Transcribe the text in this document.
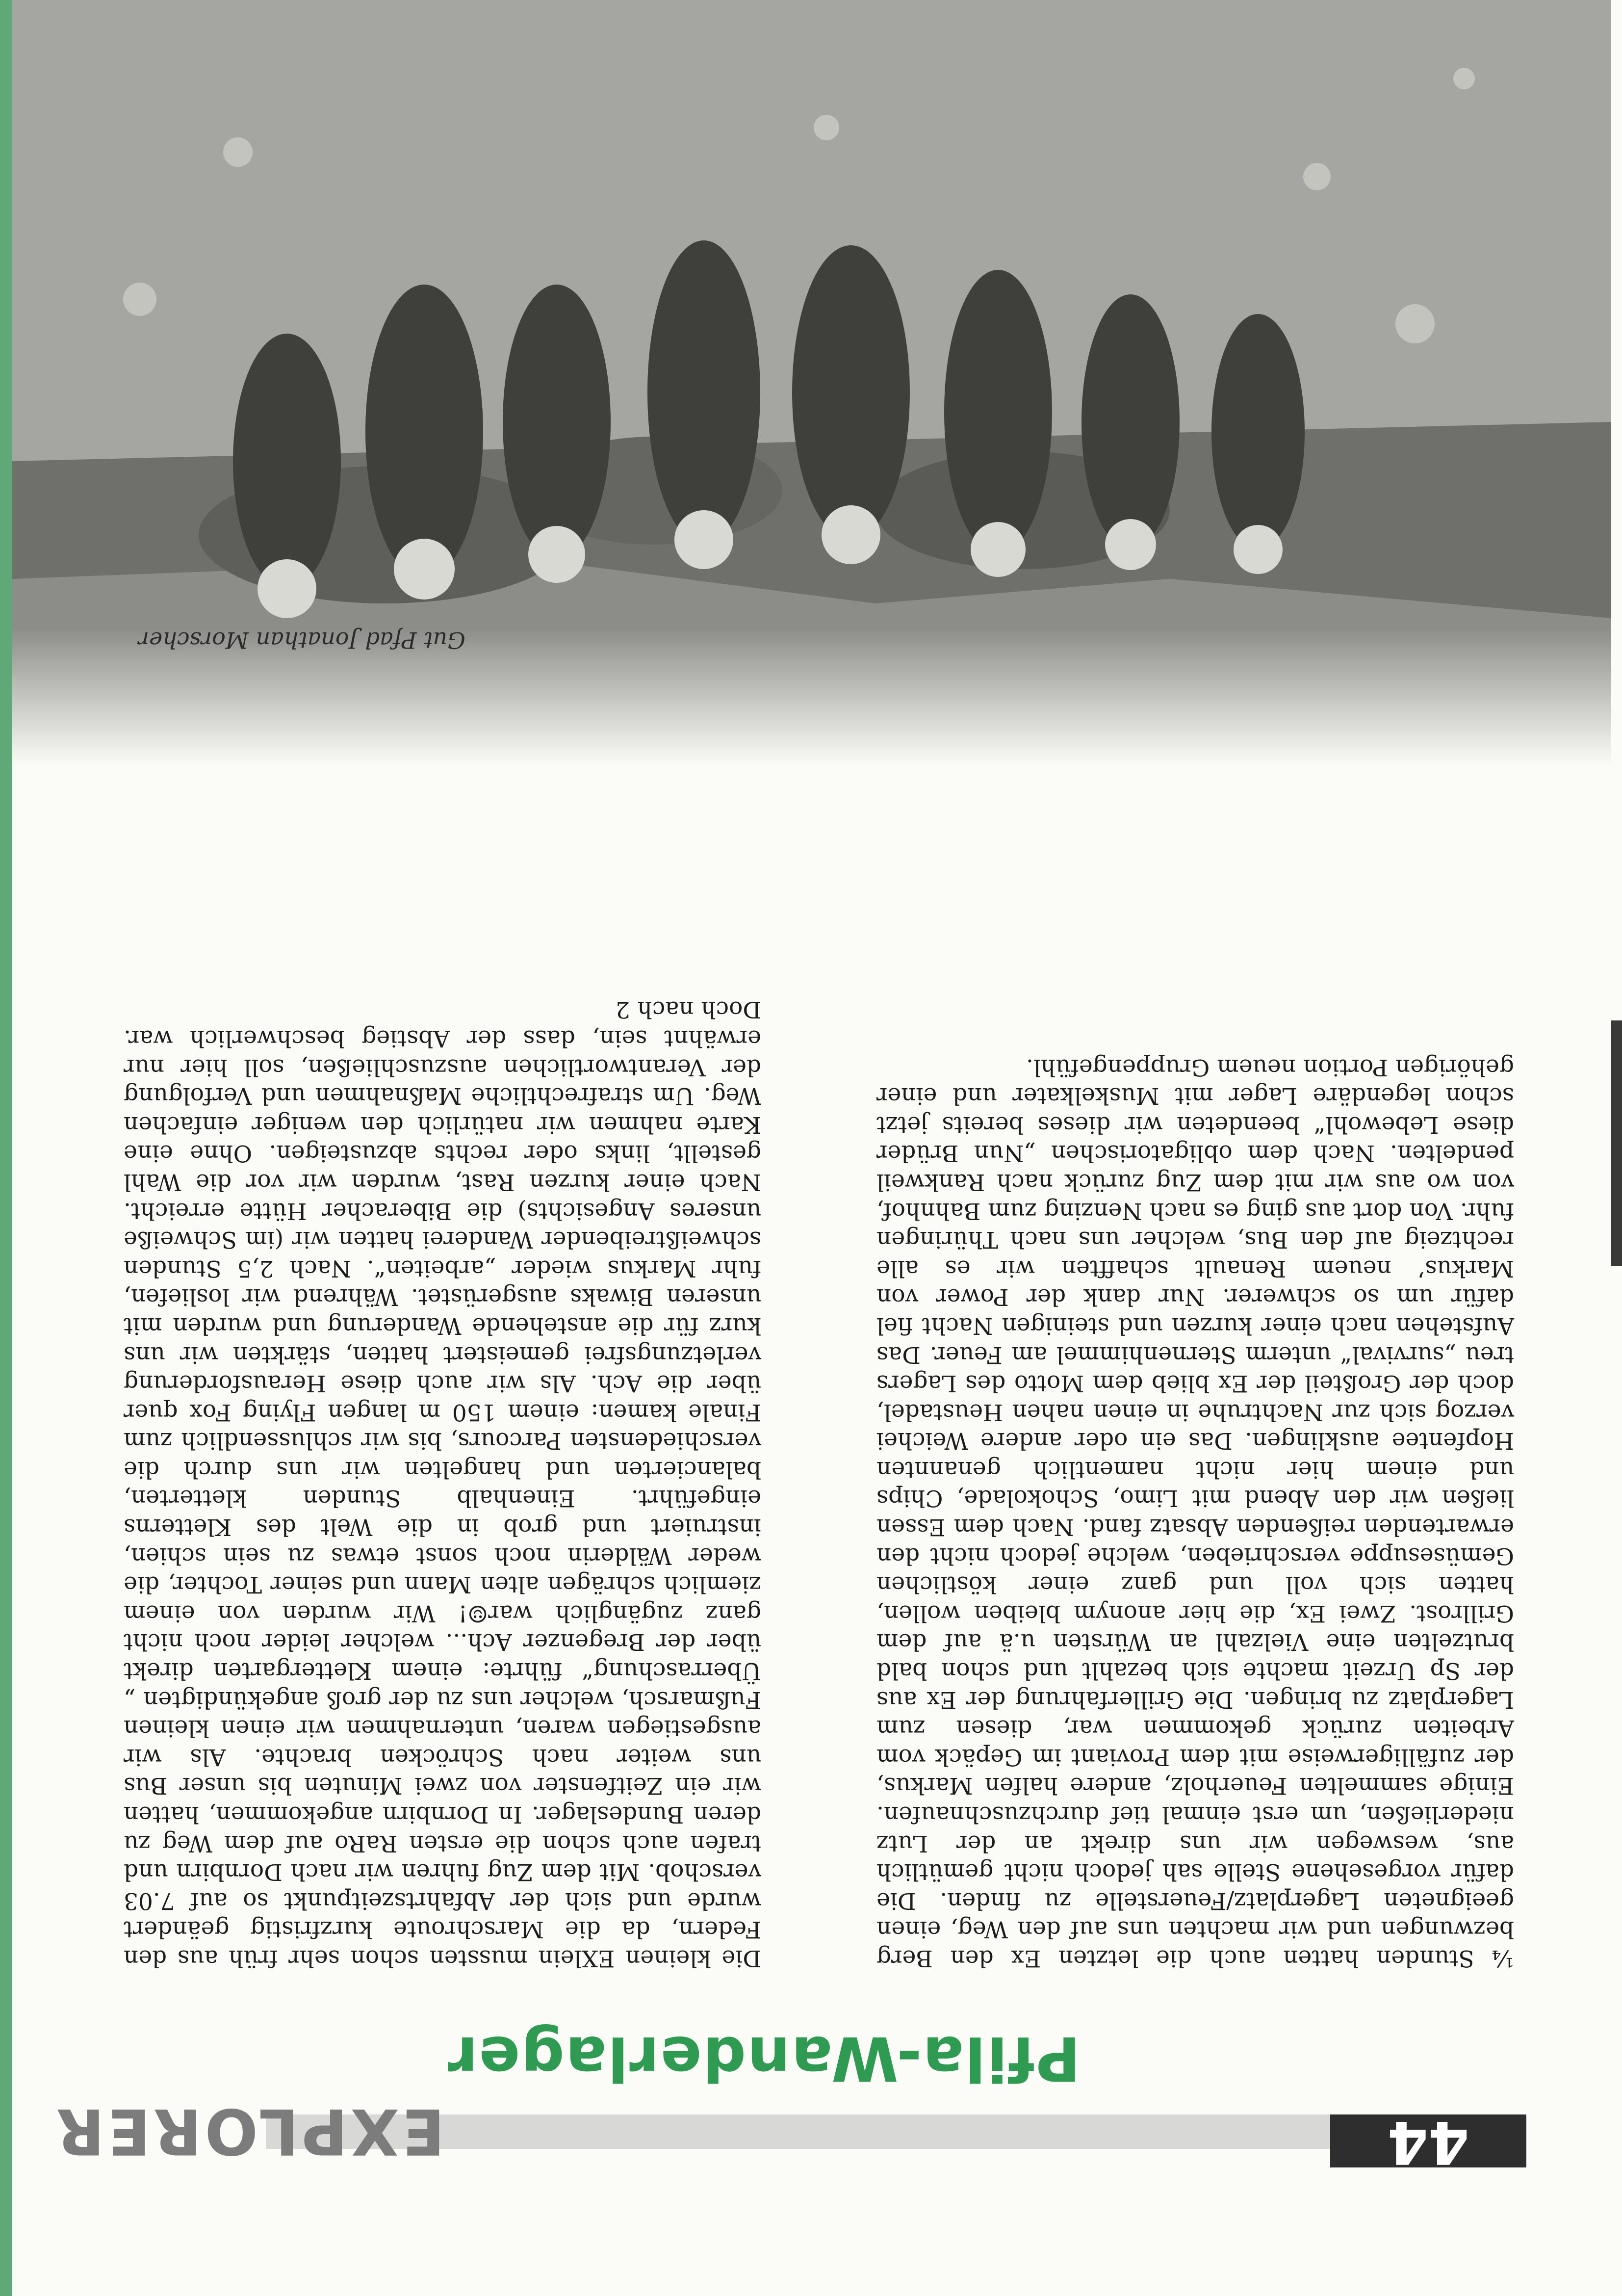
44
EXPLORER
Pfila-Wanderlager

Die kleinen EXlein mussten schon sehr früh aus den Federn, da die Marschroute kurzfristig geändert wurde und sich der Abfahrtszeitpunkt so auf 7.03 verschob. Mit dem Zug fuhren wir nach Dornbirn und trafen auch schon die ersten RaRo auf dem Weg zu deren Bundeslager. In Dornbirn angekommen, hatten wir ein Zeitfenster von zwei Minuten bis unser Bus uns weiter nach Schröcken brachte. Als wir ausgestiegen waren, unternahmen wir einen kleinen Fußmarsch, welcher uns zu der groß angekündigten „ Überraschung“ führte: einem Klettergarten direkt über der Bregenzer Ach... welcher leider noch nicht ganz zugänglich war☺! Wir wurden von einem ziemlich schrägen alten Mann und seiner Tochter, die weder Wälderin noch sonst etwas zu sein schien, instruiert und grob in die Welt des Kletterns eingeführt. Einenhalb Stunden kletterten, balancierten und hangelten wir uns durch die verschiedensten Parcours, bis wir schlussendlich zum Finale kamen: einem 150 m langen Flying Fox quer über die Ach. Als wir auch diese Herausforderung verletzungsfrei gemeistert hatten, stärkten wir uns kurz für die anstehende Wanderung und wurden mit unseren Biwaks ausgerüstet. Während wir losliefen, fuhr Markus wieder „arbeiten“. Nach 2,5 Stunden schweißtreibender Wanderei hatten wir (im Schweiße unseres Angesichts) die Biberacher Hütte erreicht. Nach einer kurzen Rast, wurden wir vor die Wahl gestellt, links oder rechts abzusteigen. Ohne eine Karte nahmen wir natürlich den weniger einfachen Weg. Um strafrechtliche Maßnahmen und Verfolgung der Verantwortlichen auszuschließen, soll hier nur erwähnt sein, dass der Abstieg beschwerlich war. Doch nach 2

¼ Stunden hatten auch die letzten Ex den Berg bezwungen und wir machten uns auf den Weg, einen geeigneten Lagerplatz/Feuerstelle zu finden. Die dafür vorgesehene Stelle sah jedoch nicht gemütlich aus, weswegen wir uns direkt an der Lutz niederließen, um erst einmal tief durchzuschnaufen. Einige sammelten Feuerholz, andere halfen Markus, der zufälligerweise mit dem Proviant im Gepäck vom Arbeiten zurück gekommen war, diesen zum Lagerplatz zu bringen. Die Grillerfahrung der Ex aus der Sp Urzeit machte sich bezahlt und schon bald brutzelten eine Vielzahl an Würsten u.ä auf dem Grillrost. Zwei Ex, die hier anonym bleiben wollen, hatten sich voll und ganz einer köstlichen Gemüsesuppe verschrieben, welche jedoch nicht den erwartenden reißenden Absatz fand. Nach dem Essen ließen wir den Abend mit Limo, Schokolade, Chips und einem hier nicht namentlich genannten Hopfentee ausklingen. Das ein oder andere Weichei verzog sich zur Nachtruhe in einen nahen Heustadel, doch der Großteil der Ex blieb dem Motto des Lagers treu „survival“ unterm Sternenhimmel am Feuer. Das Aufstehen nach einer kurzen und steinigen Nacht fiel dafür um so schwerer. Nur dank der Power von Markus’ neuem Renault schafften wir es alle rechtzeig auf den Bus, welcher uns nach Thüringen fuhr. Von dort aus ging es nach Nenzing zum Bahnhof, von wo aus wir mit dem Zug zurück nach Rankweil pendelten. Nach dem obligatorischen „Nun Brüder diese Lebewohl“ beendeten wir dieses bereits jetzt schon legendäre Lager mit Muskelkater und einer gehörigen Portion neuem Gruppengefühl.

Gut Pfad Jonathan Morscher
